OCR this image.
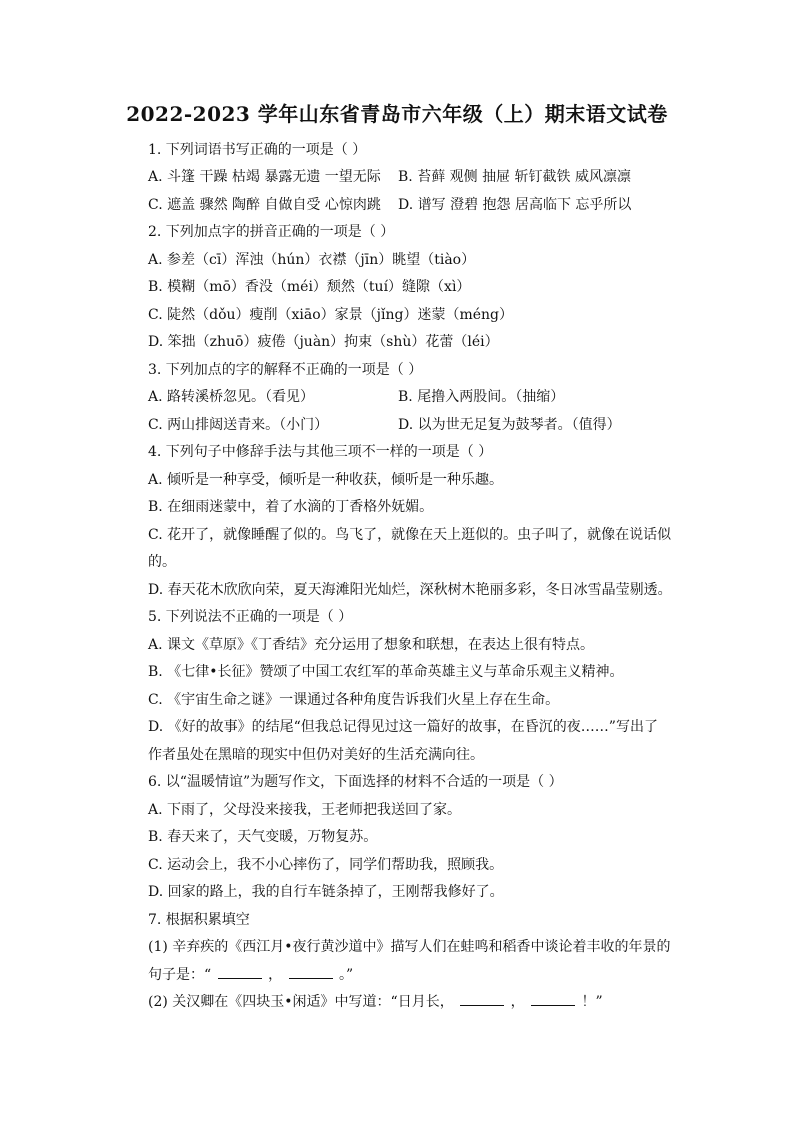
2022-2023 学年山东省青岛市六年级（上）期末语文试卷
1. 下列词语书写正确的一项是（ ）
A. 斗篷 干躁 枯竭 暴露无遗 一望无际 B. 苔藓 观侧 抽屉 斩钉截铁 威风凛凛
C. 遮盖 骤然 陶醉 自做自受 心惊肉跳 D. 谱写 澄碧 抱怨 居高临下 忘乎所以
2. 下列加点字的拼音正确的一项是（ ）
A. 参差（cī）浑浊（hún）衣襟（jīn）眺望（tiào）
B. 模糊（mō）香没（méi）颓然（tuí）缝隙（xì）
C. 陡然（dǒu）瘦削（xiāo）家景（jǐng）迷蒙（méng）
D. 笨拙（zhuō）疲倦（juàn）拘束（shù）花蕾（léi）
3. 下列加点的字的解释不正确的一项是（ ）
A. 路转溪桥忽见。（看见）	B. 尾撸入两股间。（抽缩）
C. 两山排闼送青来。（小门）	D. 以为世无足复为鼓琴者。（值得）
4. 下列句子中修辞手法与其他三项不一样的一项是（ ）
A. 倾听是一种享受，倾听是一种收获，倾听是一种乐趣。
B. 在细雨迷蒙中，着了水滴的丁香格外妩媚。
C. 花开了，就像睡醒了似的。鸟飞了，就像在天上逛似的。虫子叫了，就像在说话似
的。
D. 春天花木欣欣向荣，夏天海滩阳光灿烂，深秋树木艳丽多彩，冬日冰雪晶莹剔透。
5. 下列说法不正确的一项是（ ）
A. 课文《草原》《丁香结》充分运用了想象和联想，在表达上很有特点。
B. 《七律•长征》赞颂了中国工农红军的革命英雄主义与革命乐观主义精神。
C. 《宇宙生命之谜》一课通过各种角度告诉我们火星上存在生命。
D. 《好的故事》的结尾“但我总记得见过这一篇好的故事，在昏沉的夜……”写出了
作者虽处在黑暗的现实中但仍对美好的生活充满向往。
6. 以“温暖情谊”为题写作文，下面选择的材料不合适的一项是（ ）
A. 下雨了，父母没来接我，王老师把我送回了家。
B. 春天来了，天气变暖，万物复苏。
C. 运动会上，我不小心摔伤了，同学们帮助我，照顾我。
D. 回家的路上，我的自行车链条掉了，王刚帮我修好了。
7. 根据积累填空
(1) 辛弃疾的《西江月•夜行黄沙道中》描写人们在蛙鸣和稻香中谈论着丰收的年景的
句子是：“	，	。”
(2) 关汉卿在《四块玉•闲适》中写道：“日月长，	，	！”
